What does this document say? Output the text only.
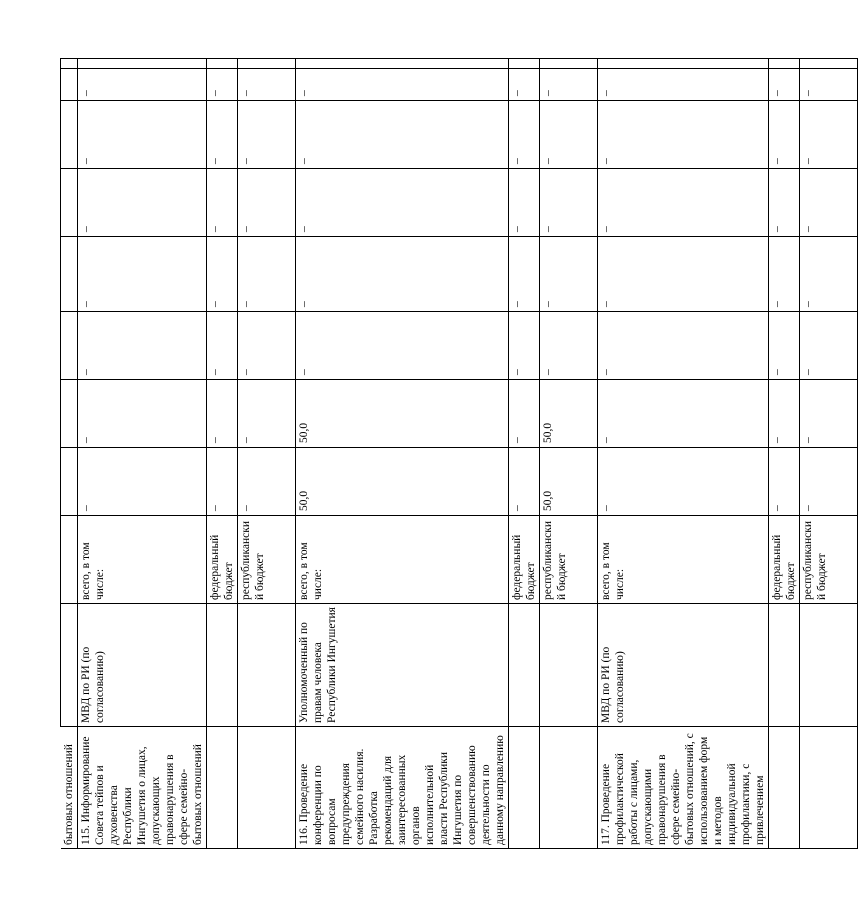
бытовых отношений										
115. Информирование Совета тейпов и духовенства Республики Ингушетия о лицах, допускающих правонарушения в сфере семейно-бытовых отношений	МВД по РИ (по согласованию)	всего, в том числе:	–	–	–	–	–	–	–	
		федеральный бюджет	–	–	–	–	–	–	–	
		республиканский бюджет	–	–	–	–	–	–	–	
116. Проведение конференции по вопросам предупреждения семейного насилия. Разработка рекомендаций для заинтересованных органов исполнительной власти Республики Ингушетия по совершенствованию деятельности по данному направлению	Уполномоченный по правам человека Республики Ингушетия	всего, в том числе:	50,0	50,0	–	–	–	–	–	
		федеральный бюджет	–	–	–	–	–	–	–	
		республиканский бюджет	50,0	50,0	–	–	–	–	–	
117. Проведение профилактической работы с лицами, допускающими правонарушения в сфере семейно-бытовых отношений, с использованием форм и методов индивидуальной профилактики, с привлечением	МВД по РИ (по согласованию)	всего, в том числе:	–	–	–	–	–	–	–	
		федеральный бюджет	–	–	–	–	–	–	–	
		республиканский бюджет	–	–	–	–	–	–	–	
